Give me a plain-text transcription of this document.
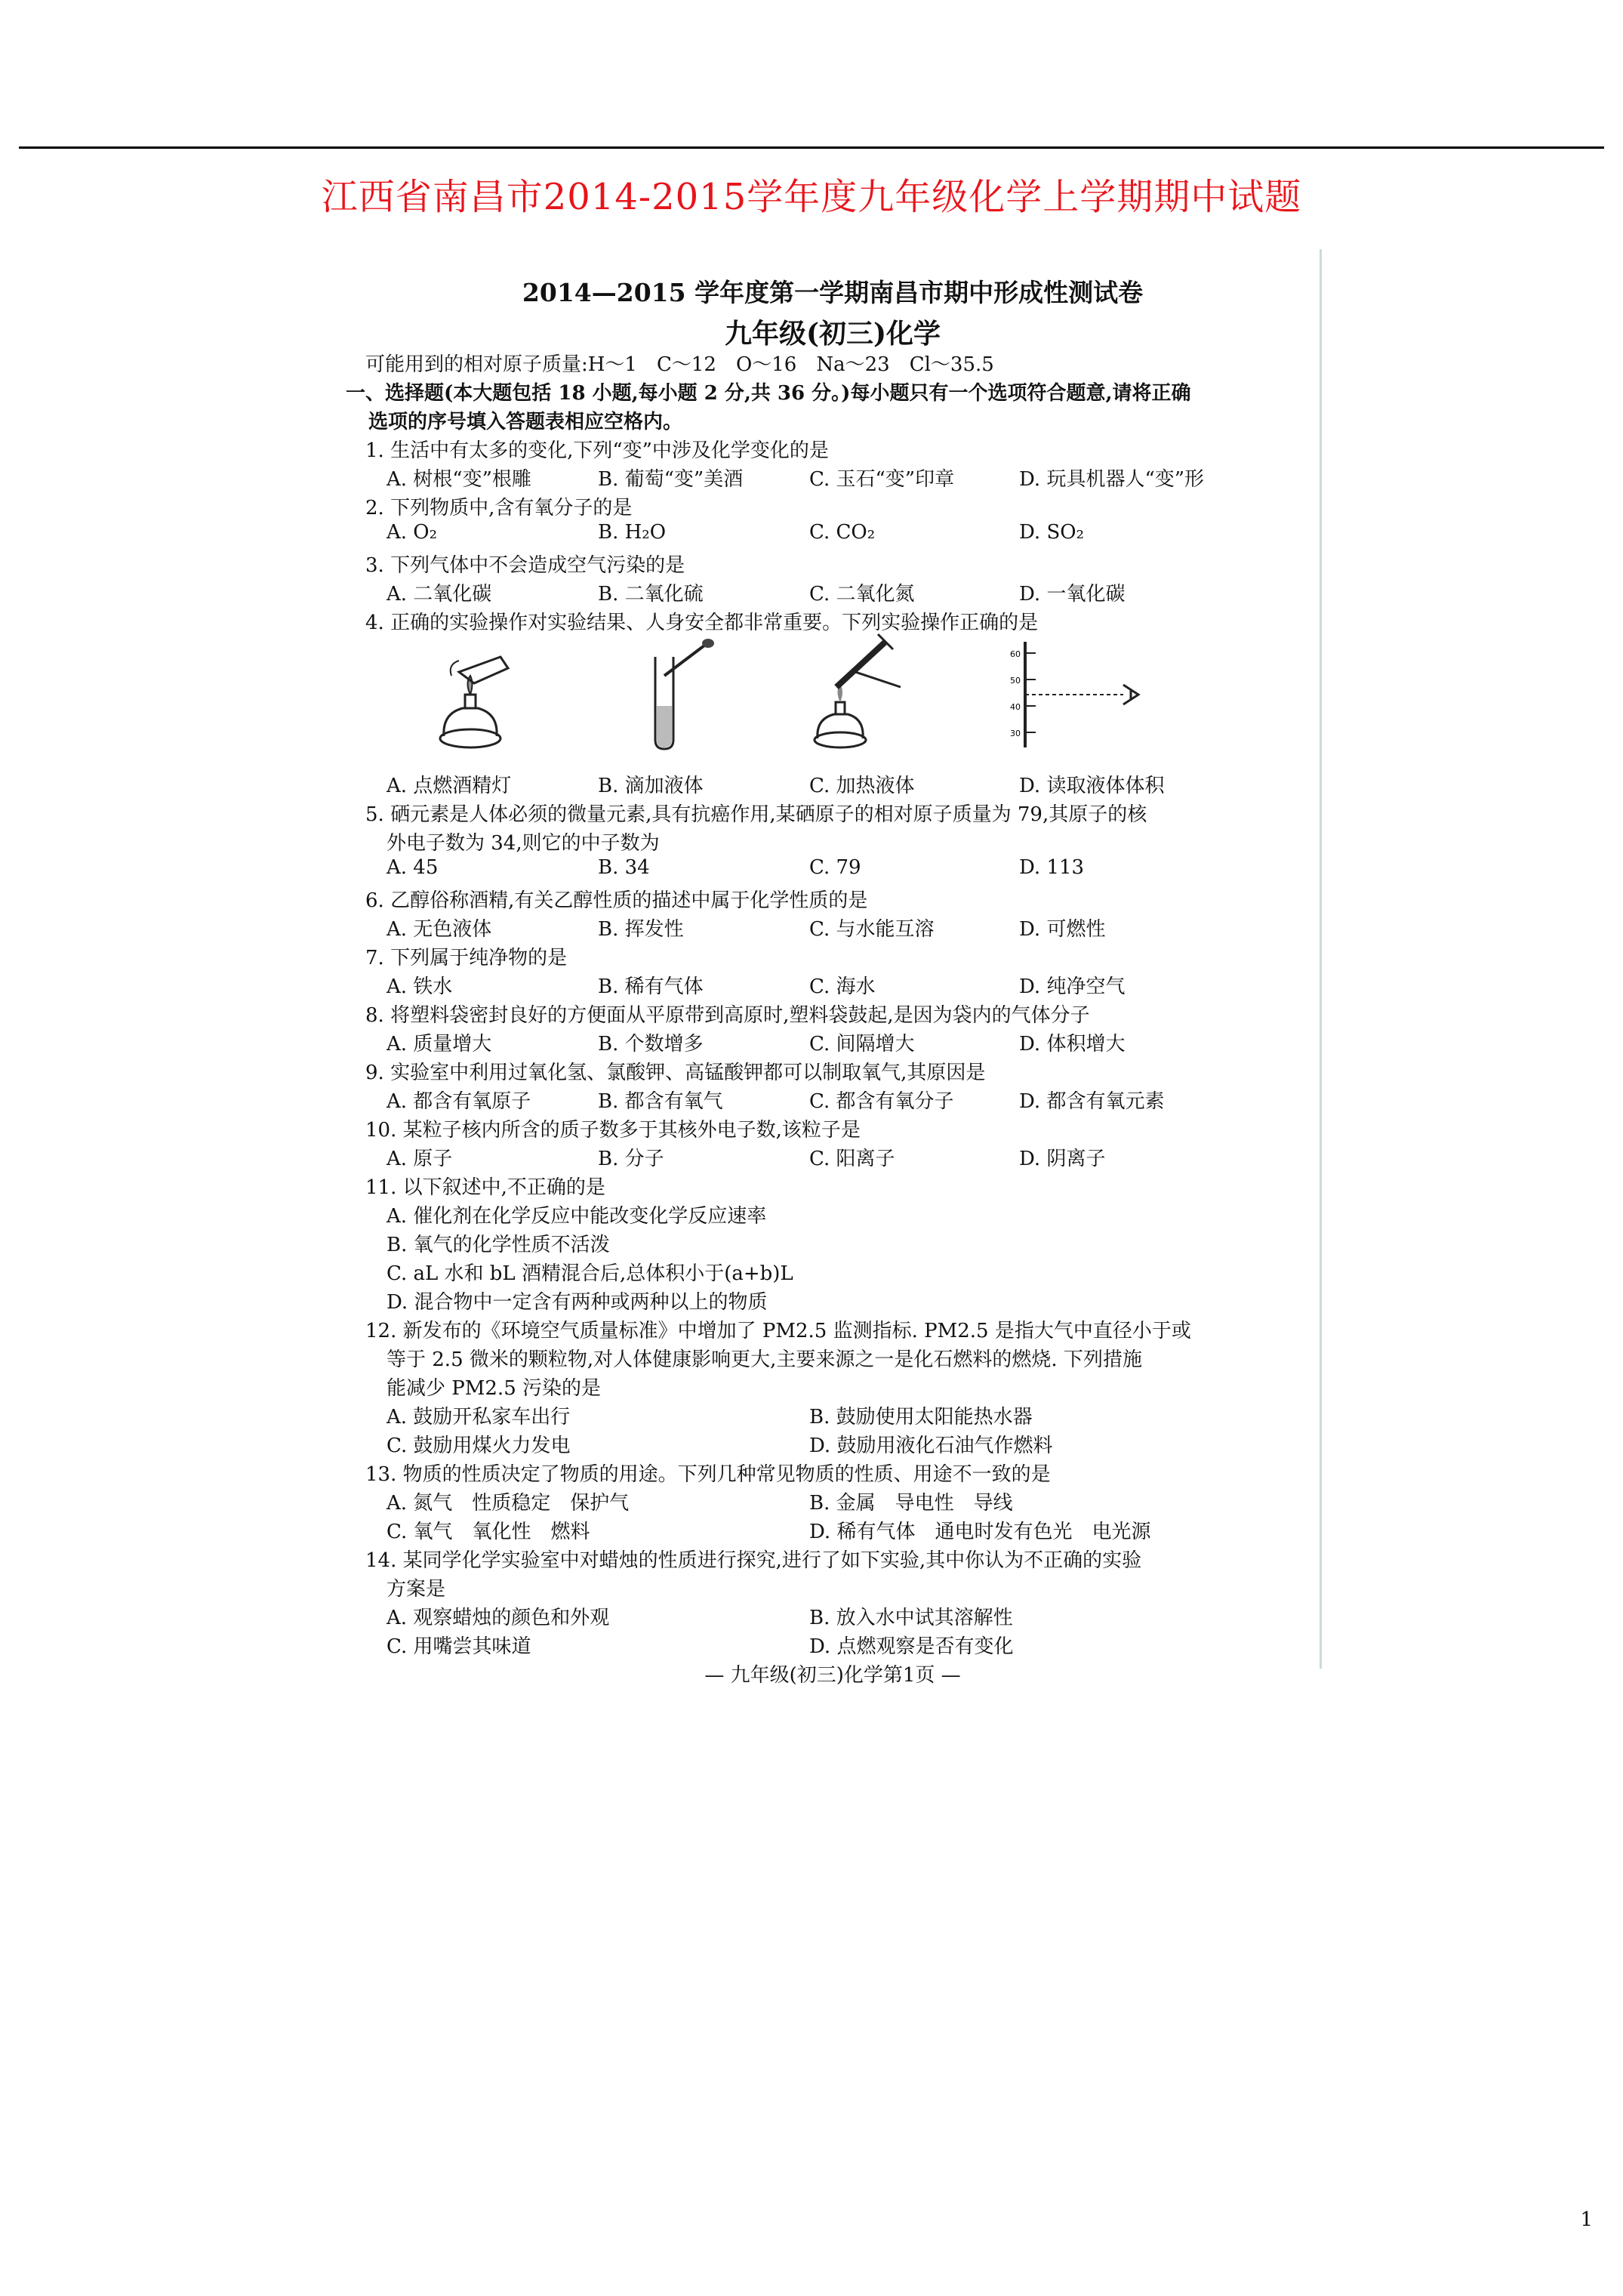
江西省南昌市2014-2015学年度九年级化学上学期期中试题
2014—2015 学年度第一学期南昌市期中形成性测试卷
九年级(初三)化学
可能用到的相对原子质量:H～1　C～12　O～16　Na～23　Cl～35.5
一、选择题(本大题包括 18 小题,每小题 2 分,共 36 分。)每小题只有一个选项符合题意,请将正确
选项的序号填入答题表相应空格内。
1. 生活中有太多的变化,下列“变”中涉及化学变化的是
A. 树根“变”根雕	B. 葡萄“变”美酒	C. 玉石“变”印章	D. 玩具机器人“变”形
2. 下列物质中,含有氧分子的是
A. O₂	B. H₂O	C. CO₂	D. SO₂
3. 下列气体中不会造成空气污染的是
A. 二氧化碳	B. 二氧化硫	C. 二氧化氮	D. 一氧化碳
4. 正确的实验操作对实验结果、人身安全都非常重要。下列实验操作正确的是
60
50
40
30
A. 点燃酒精灯	B. 滴加液体	C. 加热液体	D. 读取液体体积
5. 硒元素是人体必须的微量元素,具有抗癌作用,某硒原子的相对原子质量为 79,其原子的核
外电子数为 34,则它的中子数为
A. 45	B. 34	C. 79	D. 113
6. 乙醇俗称酒精,有关乙醇性质的描述中属于化学性质的是
A. 无色液体	B. 挥发性	C. 与水能互溶	D. 可燃性
7. 下列属于纯净物的是
A. 铁水	B. 稀有气体	C. 海水	D. 纯净空气
8. 将塑料袋密封良好的方便面从平原带到高原时,塑料袋鼓起,是因为袋内的气体分子
A. 质量增大	B. 个数增多	C. 间隔增大	D. 体积增大
9. 实验室中利用过氧化氢、氯酸钾、高锰酸钾都可以制取氧气,其原因是
A. 都含有氧原子	B. 都含有氧气	C. 都含有氧分子	D. 都含有氧元素
10. 某粒子核内所含的质子数多于其核外电子数,该粒子是
A. 原子	B. 分子	C. 阳离子	D. 阴离子
11. 以下叙述中,不正确的是
A. 催化剂在化学反应中能改变化学反应速率
B. 氧气的化学性质不活泼
C. aL 水和 bL 酒精混合后,总体积小于(a+b)L
D. 混合物中一定含有两种或两种以上的物质
12. 新发布的《环境空气质量标准》中增加了 PM2.5 监测指标. PM2.5 是指大气中直径小于或
等于 2.5 微米的颗粒物,对人体健康影响更大,主要来源之一是化石燃料的燃烧. 下列措施
能减少 PM2.5 污染的是
A. 鼓励开私家车出行	B. 鼓励使用太阳能热水器
C. 鼓励用煤火力发电	D. 鼓励用液化石油气作燃料
13. 物质的性质决定了物质的用途。下列几种常见物质的性质、用途不一致的是
A. 氮气　性质稳定　保护气	B. 金属　导电性　导线
C. 氧气　氧化性　燃料	D. 稀有气体　通电时发有色光　电光源
14. 某同学化学实验室中对蜡烛的性质进行探究,进行了如下实验,其中你认为不正确的实验
方案是
A. 观察蜡烛的颜色和外观	B. 放入水中试其溶解性
C. 用嘴尝其味道	D. 点燃观察是否有变化
— 九年级(初三)化学第1页 —
1
